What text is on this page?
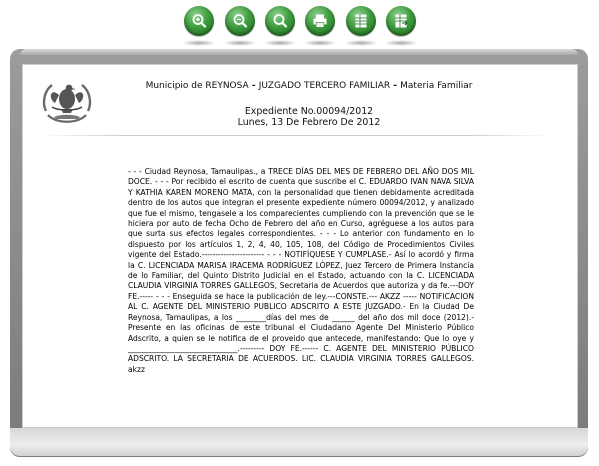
Municipio de REYNOSA - JUZGADO TERCERO FAMILIAR - Materia Familiar
Expediente No.00094/2012
Lunes, 13 De Febrero De 2012
- - - Ciudad Reynosa, Tamaulipas., a TRECE DÍAS DEL MES DE FEBRERO DEL AÑO DOS MIL DOCE. - - - Por recibido el escrito de cuenta que suscribe el C. EDUARDO IVAN NAVA SILVA Y KATHIA KAREN MORENO MATA, con la personalidad que tienen debidamente acreditada dentro de los autos que integran el presente expediente número 00094/2012, y analizado que fue el mismo, tengasele a los comparecientes cumpliendo con la prevención que se le hiciera por auto de fecha Ocho de Febrero del año en Curso, agréguese a los autos para que surta sus efectos legales correspondientes. - - - Lo anterior con fundamento en lo dispuesto por los artículos 1, 2, 4, 40, 105, 108, del Código de Procedimientos Civiles vigente del Estado.----------------------- - - - NOTIFÍQUESE Y CUMPLASE.- Así lo acordó y firma la C. LICENCIADA MARISA IRACEMA RODRÍGUEZ LÓPEZ, Juez Tercero de Primera Instancia de lo Familiar, del Quinto Distrito Judicial en el Estado, actuando con la C. LICENCIADA CLAUDIA VIRGINIA TORRES GALLEGOS, Secretaria de Acuerdos que autoriza y da fe.---DOY FE.----- - - - Enseguida se hace la publicación de ley.---CONSTE.--- AKZZ ----- NOTIFICACION AL C. AGENTE DEL MINISTERIO PUBLICO ADSCRITO A ESTE JUZGADO.- En la Ciudad De Reynosa, Tamaulipas, a los ________días del mes de ______ del año dos mil doce (2012).- Presente en las oficinas de este tribunal el Ciudadano Agente Del Ministerio Público Adscrito, a quien se le notifica de el proveido que antecede, manifestando: Que lo oye y _____________________________.--------- DOY FE.------ C. AGENTE DEL MINISTERIO PÚBLICO ADSCRITO. LA SECRETARIA DE ACUERDOS. LIC. CLAUDIA VIRGINIA TORRES GALLEGOS. akzz
